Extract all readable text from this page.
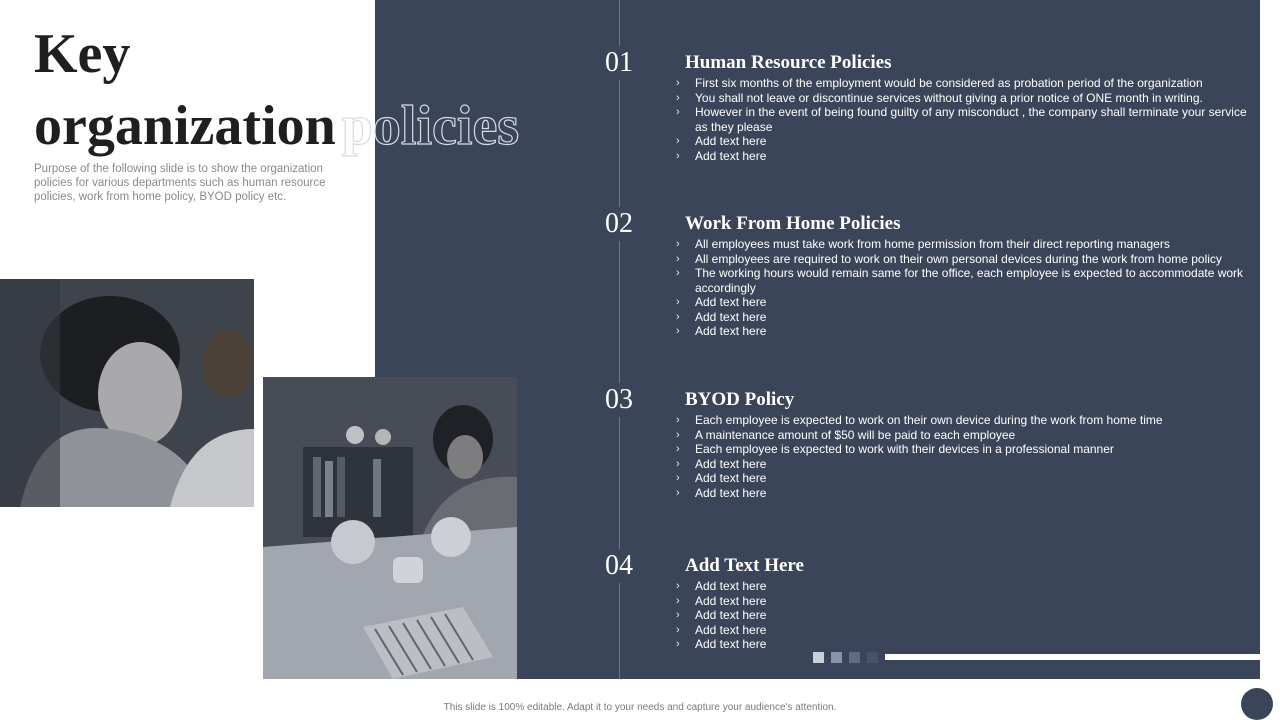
Key
organization policies
Purpose of the following slide is to show the organization policies for various departments such as human resource policies, work from home policy, BYOD policy etc.
01	Human Resource Policies
› First six months of the employment would be considered as probation period of the organization
› You shall not leave or discontinue services without giving a prior notice of ONE month in writing.
› However in the event of being found guilty of any misconduct , the company shall terminate your service as they please
› Add text here
› Add text here
02	Work From Home Policies
› All employees must take work from home permission from their direct reporting managers
› All employees are required to work on their own personal devices during the work from home policy
› The working hours would remain same for the office, each employee is expected to accommodate work accordingly
› Add text here
› Add text here
› Add text here
03	BYOD Policy
› Each employee is expected to work on their own device during the work from home time
› A maintenance amount of $50 will be paid to each employee
› Each employee is expected to work with their devices in a professional manner
› Add text here
› Add text here
› Add text here
04	Add Text Here
› Add text here
› Add text here
› Add text here
› Add text here
› Add text here
This slide is 100% editable. Adapt it to your needs and capture your audience's attention.
